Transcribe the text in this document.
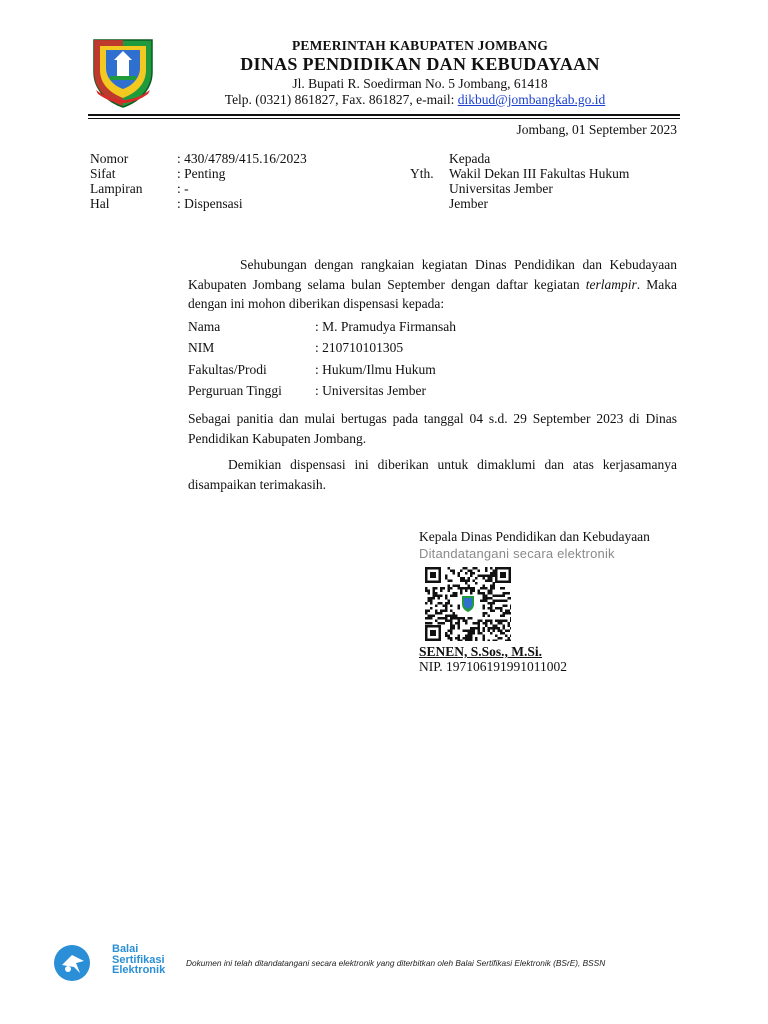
PEMERINTAH KABUPATEN JOMBANG
DINAS PENDIDIKAN DAN KEBUDAYAAN
Jl. Bupati R. Soedirman No. 5 Jombang, 61418
Telp. (0321) 861827, Fax. 861827, e-mail: dikbud@jombangkab.go.id
Jombang, 01 September 2023
Nomor	: 430/4789/415.16/2023
Sifat	: Penting
Lampiran	: -
Hal	: Dispensasi
Yth.
Kepada
Wakil Dekan III Fakultas Hukum
Universitas Jember
Jember
Sehubungan dengan rangkaian kegiatan Dinas Pendidikan dan Kebudayaan Kabupaten Jombang selama bulan September dengan daftar kegiatan terlampir. Maka dengan ini mohon diberikan dispensasi kepada:
Nama	: M. Pramudya Firmansah
NIM	: 210710101305
Fakultas/Prodi	: Hukum/Ilmu Hukum
Perguruan Tinggi	: Universitas Jember
Sebagai panitia dan mulai bertugas pada tanggal 04 s.d. 29 September 2023 di Dinas Pendidikan Kabupaten Jombang.
Demikian dispensasi ini diberikan untuk dimaklumi dan atas kerjasamanya disampaikan terimakasih.
Kepala Dinas Pendidikan dan Kebudayaan
Ditandatangani secara elektronik
SENEN, S.Sos., M.Si.
NIP. 197106191991011002
Balai
Sertifikasi
Elektronik
Dokumen ini telah ditandatangani secara elektronik yang diterbitkan oleh Balai Sertifikasi Elektronik (BSrE), BSSN
